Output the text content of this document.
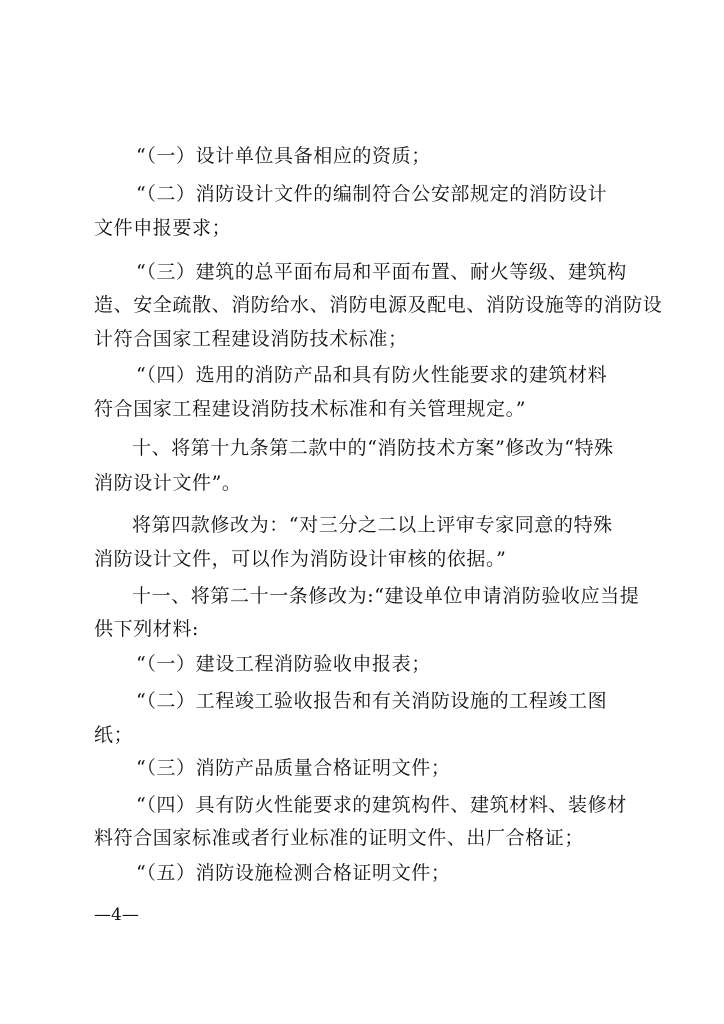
“（一）设计单位具备相应的资质；
“（二）消防设计文件的编制符合公安部规定的消防设计
文件申报要求；
“（三）建筑的总平面布局和平面布置、耐火等级、建筑构
造、安全疏散、消防给水、消防电源及配电、消防设施等的消防设
计符合国家工程建设消防技术标准；
“（四）选用的消防产品和具有防火性能要求的建筑材料
符合国家工程建设消防技术标准和有关管理规定。”
十、将第十九条第二款中的“消防技术方案”修改为“特殊
消防设计文件”。
将第四款修改为：“对三分之二以上评审专家同意的特殊
消防设计文件，可以作为消防设计审核的依据。”
十一、将第二十一条修改为:“建设单位申请消防验收应当提
供下列材料:
“（一）建设工程消防验收申报表；
“（二）工程竣工验收报告和有关消防设施的工程竣工图
纸；
“（三）消防产品质量合格证明文件；
“（四）具有防火性能要求的建筑构件、建筑材料、装修材
料符合国家标准或者行业标准的证明文件、出厂合格证；
“（五）消防设施检测合格证明文件；
—4—
